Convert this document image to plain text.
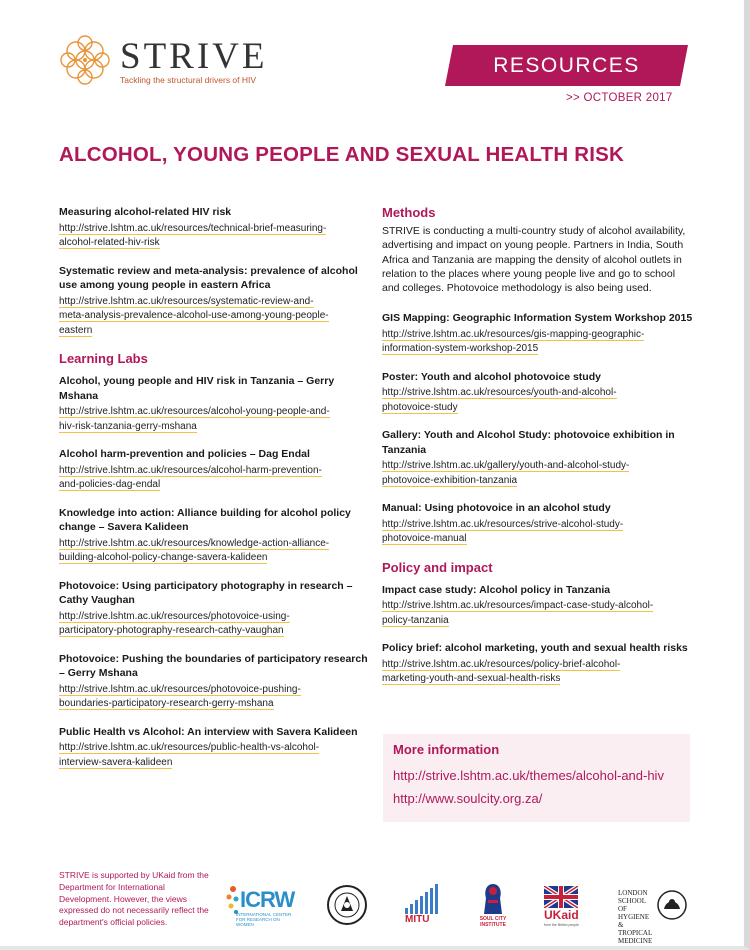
STRIVE
Tackling the structural drivers of HIV
RESOURCES
>> OCTOBER 2017
ALCOHOL, YOUNG PEOPLE AND SEXUAL HEALTH RISK
Measuring alcohol-related HIV risk
http://strive.lshtm.ac.uk/resources/technical-brief-measuring-
alcohol-related-hiv-risk
Systematic review and meta-analysis: prevalence of alcohol use among young people in eastern Africa
http://strive.lshtm.ac.uk/resources/systematic-review-and-
meta-analysis-prevalence-alcohol-use-among-young-people-
eastern
Learning Labs
Alcohol, young people and HIV risk in Tanzania – Gerry Mshana
http://strive.lshtm.ac.uk/resources/alcohol-young-people-and-
hiv-risk-tanzania-gerry-mshana
Alcohol harm-prevention and policies – Dag Endal
http://strive.lshtm.ac.uk/resources/alcohol-harm-prevention-
and-policies-dag-endal
Knowledge into action: Alliance building for alcohol policy change – Savera Kalideen
http://strive.lshtm.ac.uk/resources/knowledge-action-alliance-
building-alcohol-policy-change-savera-kalideen
Photovoice: Using participatory photography in research – Cathy Vaughan
http://strive.lshtm.ac.uk/resources/photovoice-using-
participatory-photography-research-cathy-vaughan
Photovoice: Pushing the boundaries of participatory research – Gerry Mshana
http://strive.lshtm.ac.uk/resources/photovoice-pushing-
boundaries-participatory-research-gerry-mshana
Public Health vs Alcohol: An interview with Savera Kalideen
http://strive.lshtm.ac.uk/resources/public-health-vs-alcohol-
interview-savera-kalideen
Methods
STRIVE is conducting a multi-country study of alcohol availability, advertising and impact on young people. Partners in India, South Africa and Tanzania are mapping the density of alcohol outlets in relation to the places where young people live and go to school and colleges. Photovoice methodology is also being used.
GIS Mapping: Geographic Information System Workshop 2015
http://strive.lshtm.ac.uk/resources/gis-mapping-geographic-
information-system-workshop-2015
Poster: Youth and alcohol photovoice study
http://strive.lshtm.ac.uk/resources/youth-and-alcohol-
photovoice-study
Gallery: Youth and Alcohol Study: photovoice exhibition in Tanzania
http://strive.lshtm.ac.uk/gallery/youth-and-alcohol-study-
photovoice-exhibition-tanzania
Manual: Using photovoice in an alcohol study
http://strive.lshtm.ac.uk/resources/strive-alcohol-study-
photovoice-manual
Policy and impact
Impact case study: Alcohol policy in Tanzania
http://strive.lshtm.ac.uk/resources/impact-case-study-alcohol-
policy-tanzania
Policy brief: alcohol marketing, youth and sexual health risks
http://strive.lshtm.ac.uk/resources/policy-brief-alcohol-
marketing-youth-and-sexual-health-risks
More information
http://strive.lshtm.ac.uk/themes/alcohol-and-hiv
http://www.soulcity.org.za/
STRIVE is supported by UKaid from the Department for International Development. However, the views expressed do not necessarily reflect the department's official policies.
ICRW
INTERNATIONAL CENTER FOR RESEARCH ON WOMEN	MITU	SOUL CITY INSTITUTE
UKaid
from the British people
LONDON SCHOOL OF HYGIENE & TROPICAL MEDICINE
